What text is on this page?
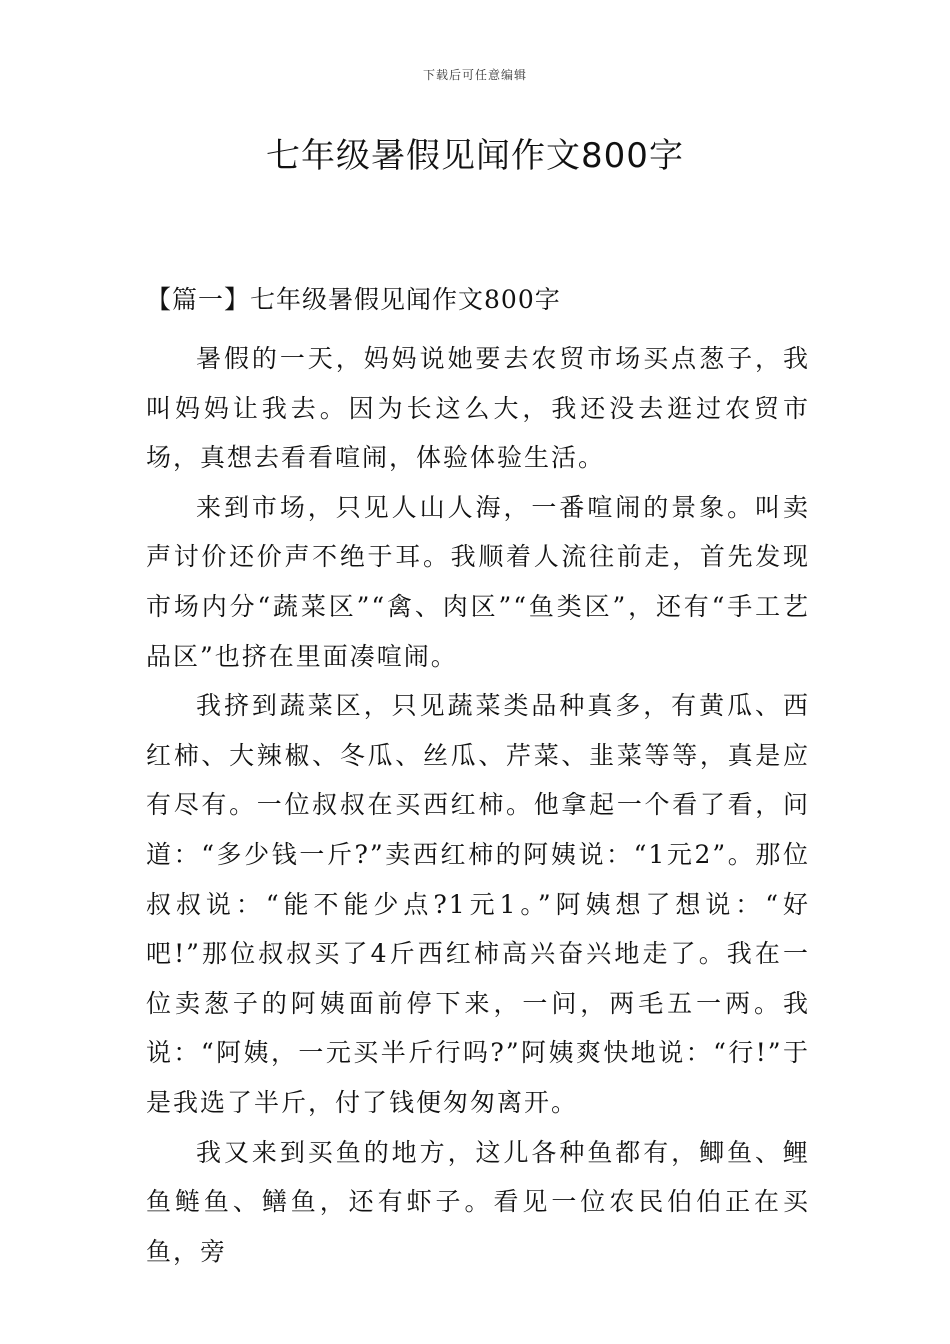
下载后可任意编辑
七年级暑假见闻作文800字
【篇一】七年级暑假见闻作文800字

暑假的一天，妈妈说她要去农贸市场买点葱子，我叫妈妈让我去。因为长这么大，我还没去逛过农贸市场，真想去看看喧闹，体验体验生活。

来到市场，只见人山人海，一番喧闹的景象。叫卖声讨价还价声不绝于耳。我顺着人流往前走，首先发现市场内分“蔬菜区”“禽、肉区”“鱼类区”，还有“手工艺品区”也挤在里面凑喧闹。

我挤到蔬菜区，只见蔬菜类品种真多，有黄瓜、西红柿、大辣椒、冬瓜、丝瓜、芹菜、韭菜等等，真是应有尽有。一位叔叔在买西红柿。他拿起一个看了看，问道：“多少钱一斤?”卖西红柿的阿姨说：“1元2”。那位叔叔说：“能不能少点?1元1。”阿姨想了想说：“好吧!”那位叔叔买了4斤西红柿高兴奋兴地走了。我在一位卖葱子的阿姨面前停下来，一问，两毛五一两。我说：“阿姨，一元买半斤行吗?”阿姨爽快地说：“行!”于是我选了半斤，付了钱便匆匆离开。

我又来到买鱼的地方，这儿各种鱼都有，鲫鱼、鲤鱼鲢鱼、鳝鱼，还有虾子。看见一位农民伯伯正在买鱼，旁
